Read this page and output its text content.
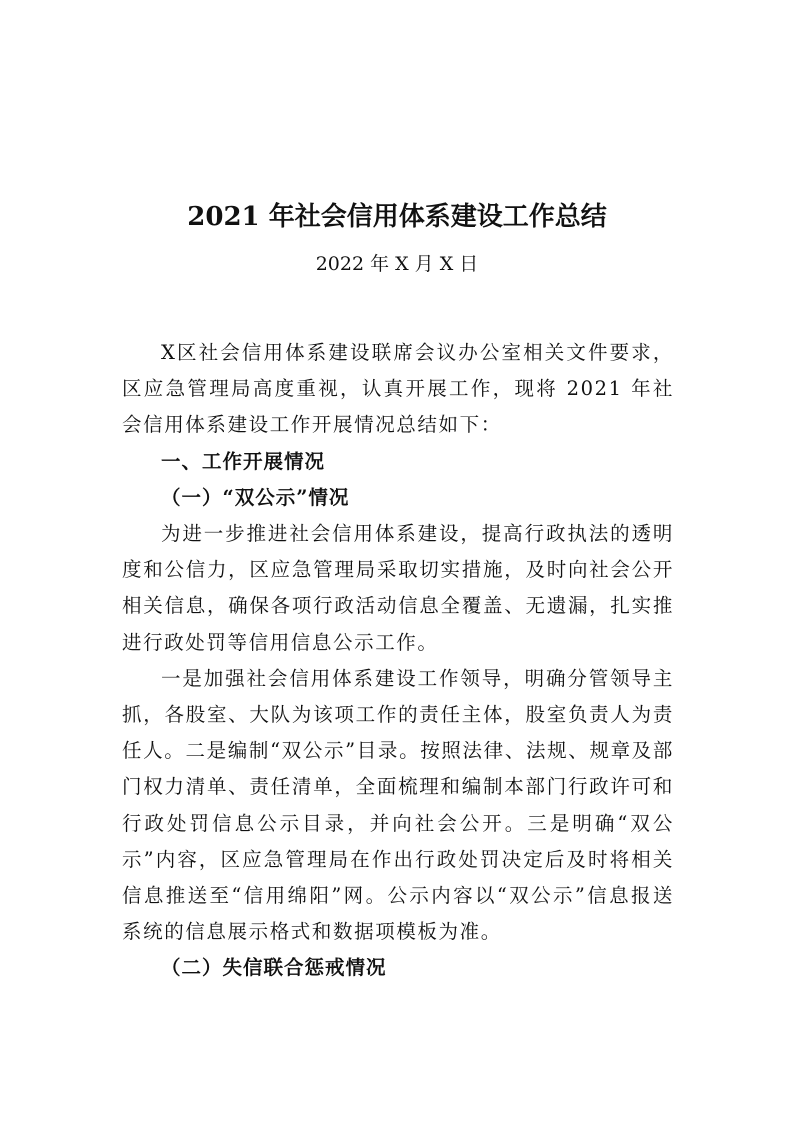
2021 年社会信用体系建设工作总结
2022 年 X 月 X 日

X区社会信用体系建设联席会议办公室相关文件要求，区应急管理局高度重视，认真开展工作，现将 2021 年社会信用体系建设工作开展情况总结如下：

一、工作开展情况
（一）“双公示”情况

为进一步推进社会信用体系建设，提高行政执法的透明度和公信力，区应急管理局采取切实措施，及时向社会公开相关信息，确保各项行政活动信息全覆盖、无遗漏，扎实推进行政处罚等信用信息公示工作。

一是加强社会信用体系建设工作领导，明确分管领导主抓，各股室、大队为该项工作的责任主体，股室负责人为责任人。二是编制“双公示”目录。按照法律、法规、规章及部门权力清单、责任清单，全面梳理和编制本部门行政许可和行政处罚信息公示目录，并向社会公开。三是明确“双公示”内容，区应急管理局在作出行政处罚决定后及时将相关信息推送至“信用绵阳”网。公示内容以“双公示”信息报送系统的信息展示格式和数据项模板为准。

（二）失信联合惩戒情况
